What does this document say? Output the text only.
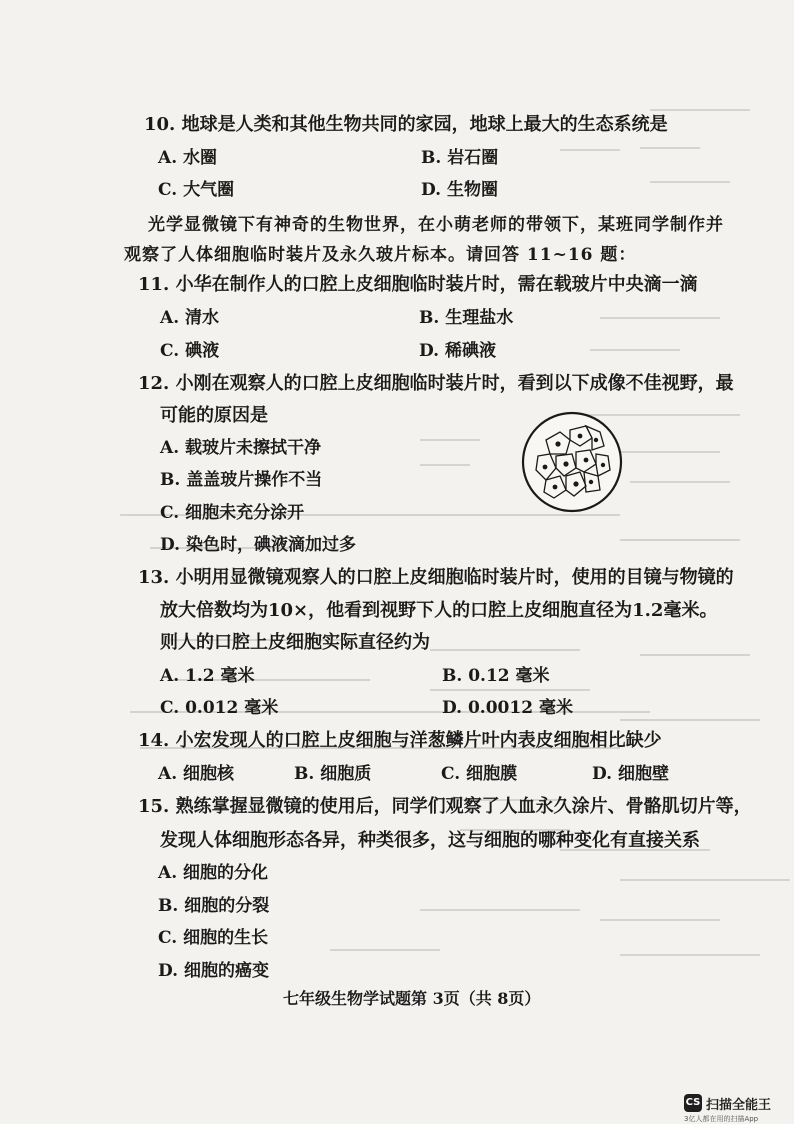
10. 地球是人类和其他生物共同的家园，地球上最大的生态系统是
A. 水圈	B. 岩石圈
C. 大气圈	D. 生物圈
光学显微镜下有神奇的生物世界，在小萌老师的带领下，某班同学制作并
观察了人体细胞临时装片及永久玻片标本。请回答 11~16 题：
11. 小华在制作人的口腔上皮细胞临时装片时，需在载玻片中央滴一滴
A. 清水	B. 生理盐水
C. 碘液	D. 稀碘液
12. 小刚在观察人的口腔上皮细胞临时装片时，看到以下成像不佳视野，最
可能的原因是
A. 载玻片未擦拭干净
B. 盖盖玻片操作不当
C. 细胞未充分涂开
D. 染色时，碘液滴加过多
13. 小明用显微镜观察人的口腔上皮细胞临时装片时，使用的目镜与物镜的
放大倍数均为10×，他看到视野下人的口腔上皮细胞直径为1.2毫米。
则人的口腔上皮细胞实际直径约为
A. 1.2 毫米	B. 0.12 毫米
C. 0.012 毫米	D. 0.0012 毫米
14. 小宏发现人的口腔上皮细胞与洋葱鳞片叶内表皮细胞相比缺少
A. 细胞核	B. 细胞质	C. 细胞膜	D. 细胞壁
15. 熟练掌握显微镜的使用后，同学们观察了人血永久涂片、骨骼肌切片等，
发现人体细胞形态各异，种类很多，这与细胞的哪种变化有直接关系
A. 细胞的分化
B. 细胞的分裂
C. 细胞的生长
D. 细胞的癌变
七年级生物学试题第 3页（共 8页）
CS 扫描全能王
3亿人都在用的扫描App
